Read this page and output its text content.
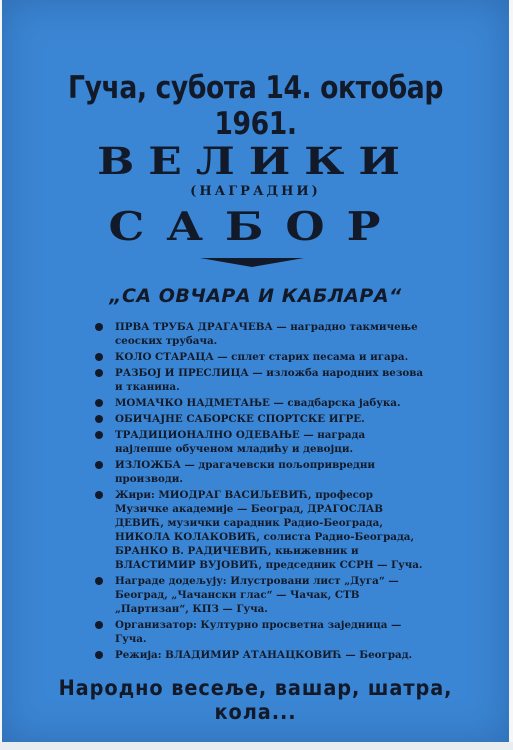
Гуча, субота 14. октобар 1961.
ВЕЛИКИ
(НАГРАДНИ)
САБОР
„СА ОВЧАРА И КАБЛАРА“
ПРВА ТРУБА ДРАГАЧЕВА — наградно такмичење сеоских трубача.
КОЛО СТАРАЦА — сплет старих песама и игара.
РАЗБОЈ И ПРЕСЛИЦА — изложба народних везова и тканина.
МОМАЧКО НАДМЕТАЊЕ — свадбарска јабука.
ОБИЧАЈНЕ САБОРСКЕ СПОРТСКЕ ИГРЕ.
ТРАДИЦИОНАЛНО ОДЕВАЊЕ — награда најлепше обученом младићу и девојци.
ИЗЛОЖБА — драгачевски пољопривредни производи.
Жири: МИОДРАГ ВАСИЉЕВИЋ, професор Музичке академије — Београд, ДРАГОСЛАВ ДЕВИЋ, музички сарадник Радио-Београда, НИКОЛА КОЛАКОВИЋ, солиста Радио-Београда, БРАНКО В. РАДИЧЕВИЋ, књижевник и ВЛАСТИМИР ВУЈОВИЋ, председник ССРН — Гуча.
Награде додељују: Илустровани лист „Дуга“ — Београд, „Чачански глас“ — Чачак, СТВ „Партизан“, КПЗ — Гуча.
Организатор: Културно просветна заједница — Гуча.
Режија: ВЛАДИМИР АТАНАЦКОВИЋ — Београд.
Народно весеље, вашар, шатра, кола...
